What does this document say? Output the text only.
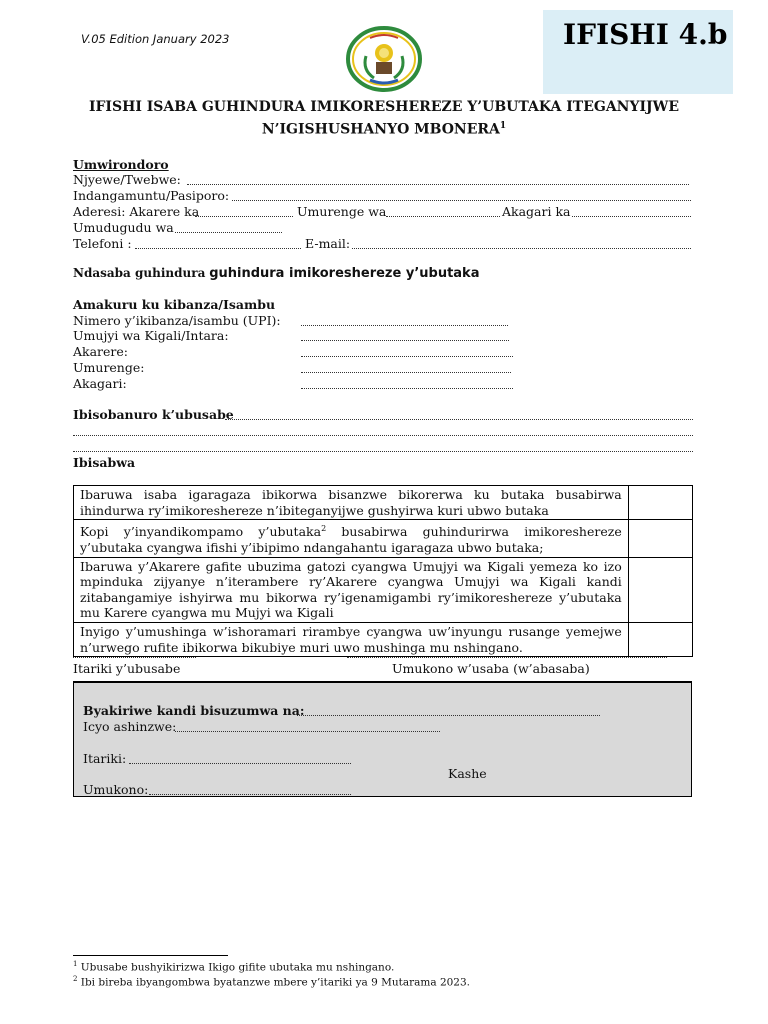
V.05 Edition January 2023	IFISHI 4.b
IFISHI ISABA GUHINDURA IMIKORESHEREZE Y’UBUTAKA ITEGANYIJWE
N’IGISHUSHANYO MBONERA$^1$
Umwirondoro
Njyewe/Twebwe:
Indangamuntu/Pasiporo:
Aderesi: Akarere ka	Umurenge wa	Akagari ka
Umudugudu wa
Telefoni :	E-mail:
Ndasaba guhindura guhindura imikoreshereze y’ubutaka
Amakuru ku kibanza/Isambu
Nimero y’ikibanza/isambu (UPI):
Umujyi wa Kigali/Intara:
Akarere:
Umurenge:
Akagari:
Ibisobanuro k’ubusabe
Ibisabwa
Ibaruwa isaba igaragaza ibikorwa bisanzwe bikorerwa ku butaka busabirwa ihindurwa ry’imikoreshereze n’ibiteganyijwe gushyirwa kuri ubwo butaka	
Kopi y’inyandikompamo y’ubutaka$^2$ busabirwa guhindurirwa imikoreshereze y’ubutaka cyangwa ifishi y’ibipimo ndangahantu igaragaza ubwo butaka;	
Ibaruwa y’Akarere gafite ubuzima gatozi cyangwa Umujyi wa Kigali yemeza ko izo mpinduka zijyanye n’iterambere ry’Akarere cyangwa Umujyi wa Kigali kandi zitabangamiye ishyirwa mu bikorwa ry’igenamigambi ry’imikoreshereze y’ubutaka mu Karere cyangwa mu Mujyi wa Kigali	
Inyigo y’umushinga w’ishoramari rirambye cyangwa uw’inyungu rusange yemejwe n’urwego rufite ibikorwa bikubiye muri uwo mushinga mu nshingano.	
Itariki y’ubusabe	Umukono w’usaba (w’abasaba)
Byakiriwe kandi bisuzumwa na:
Icyo ashinzwe:
Itariki:
Kashe
Umukono:
$^1$ Ubusabe bushyikirizwa Ikigo gifite ubutaka mu nshingano.
$^2$ Ibi bireba ibyangombwa byatanzwe mbere y’itariki ya 9 Mutarama 2023.
